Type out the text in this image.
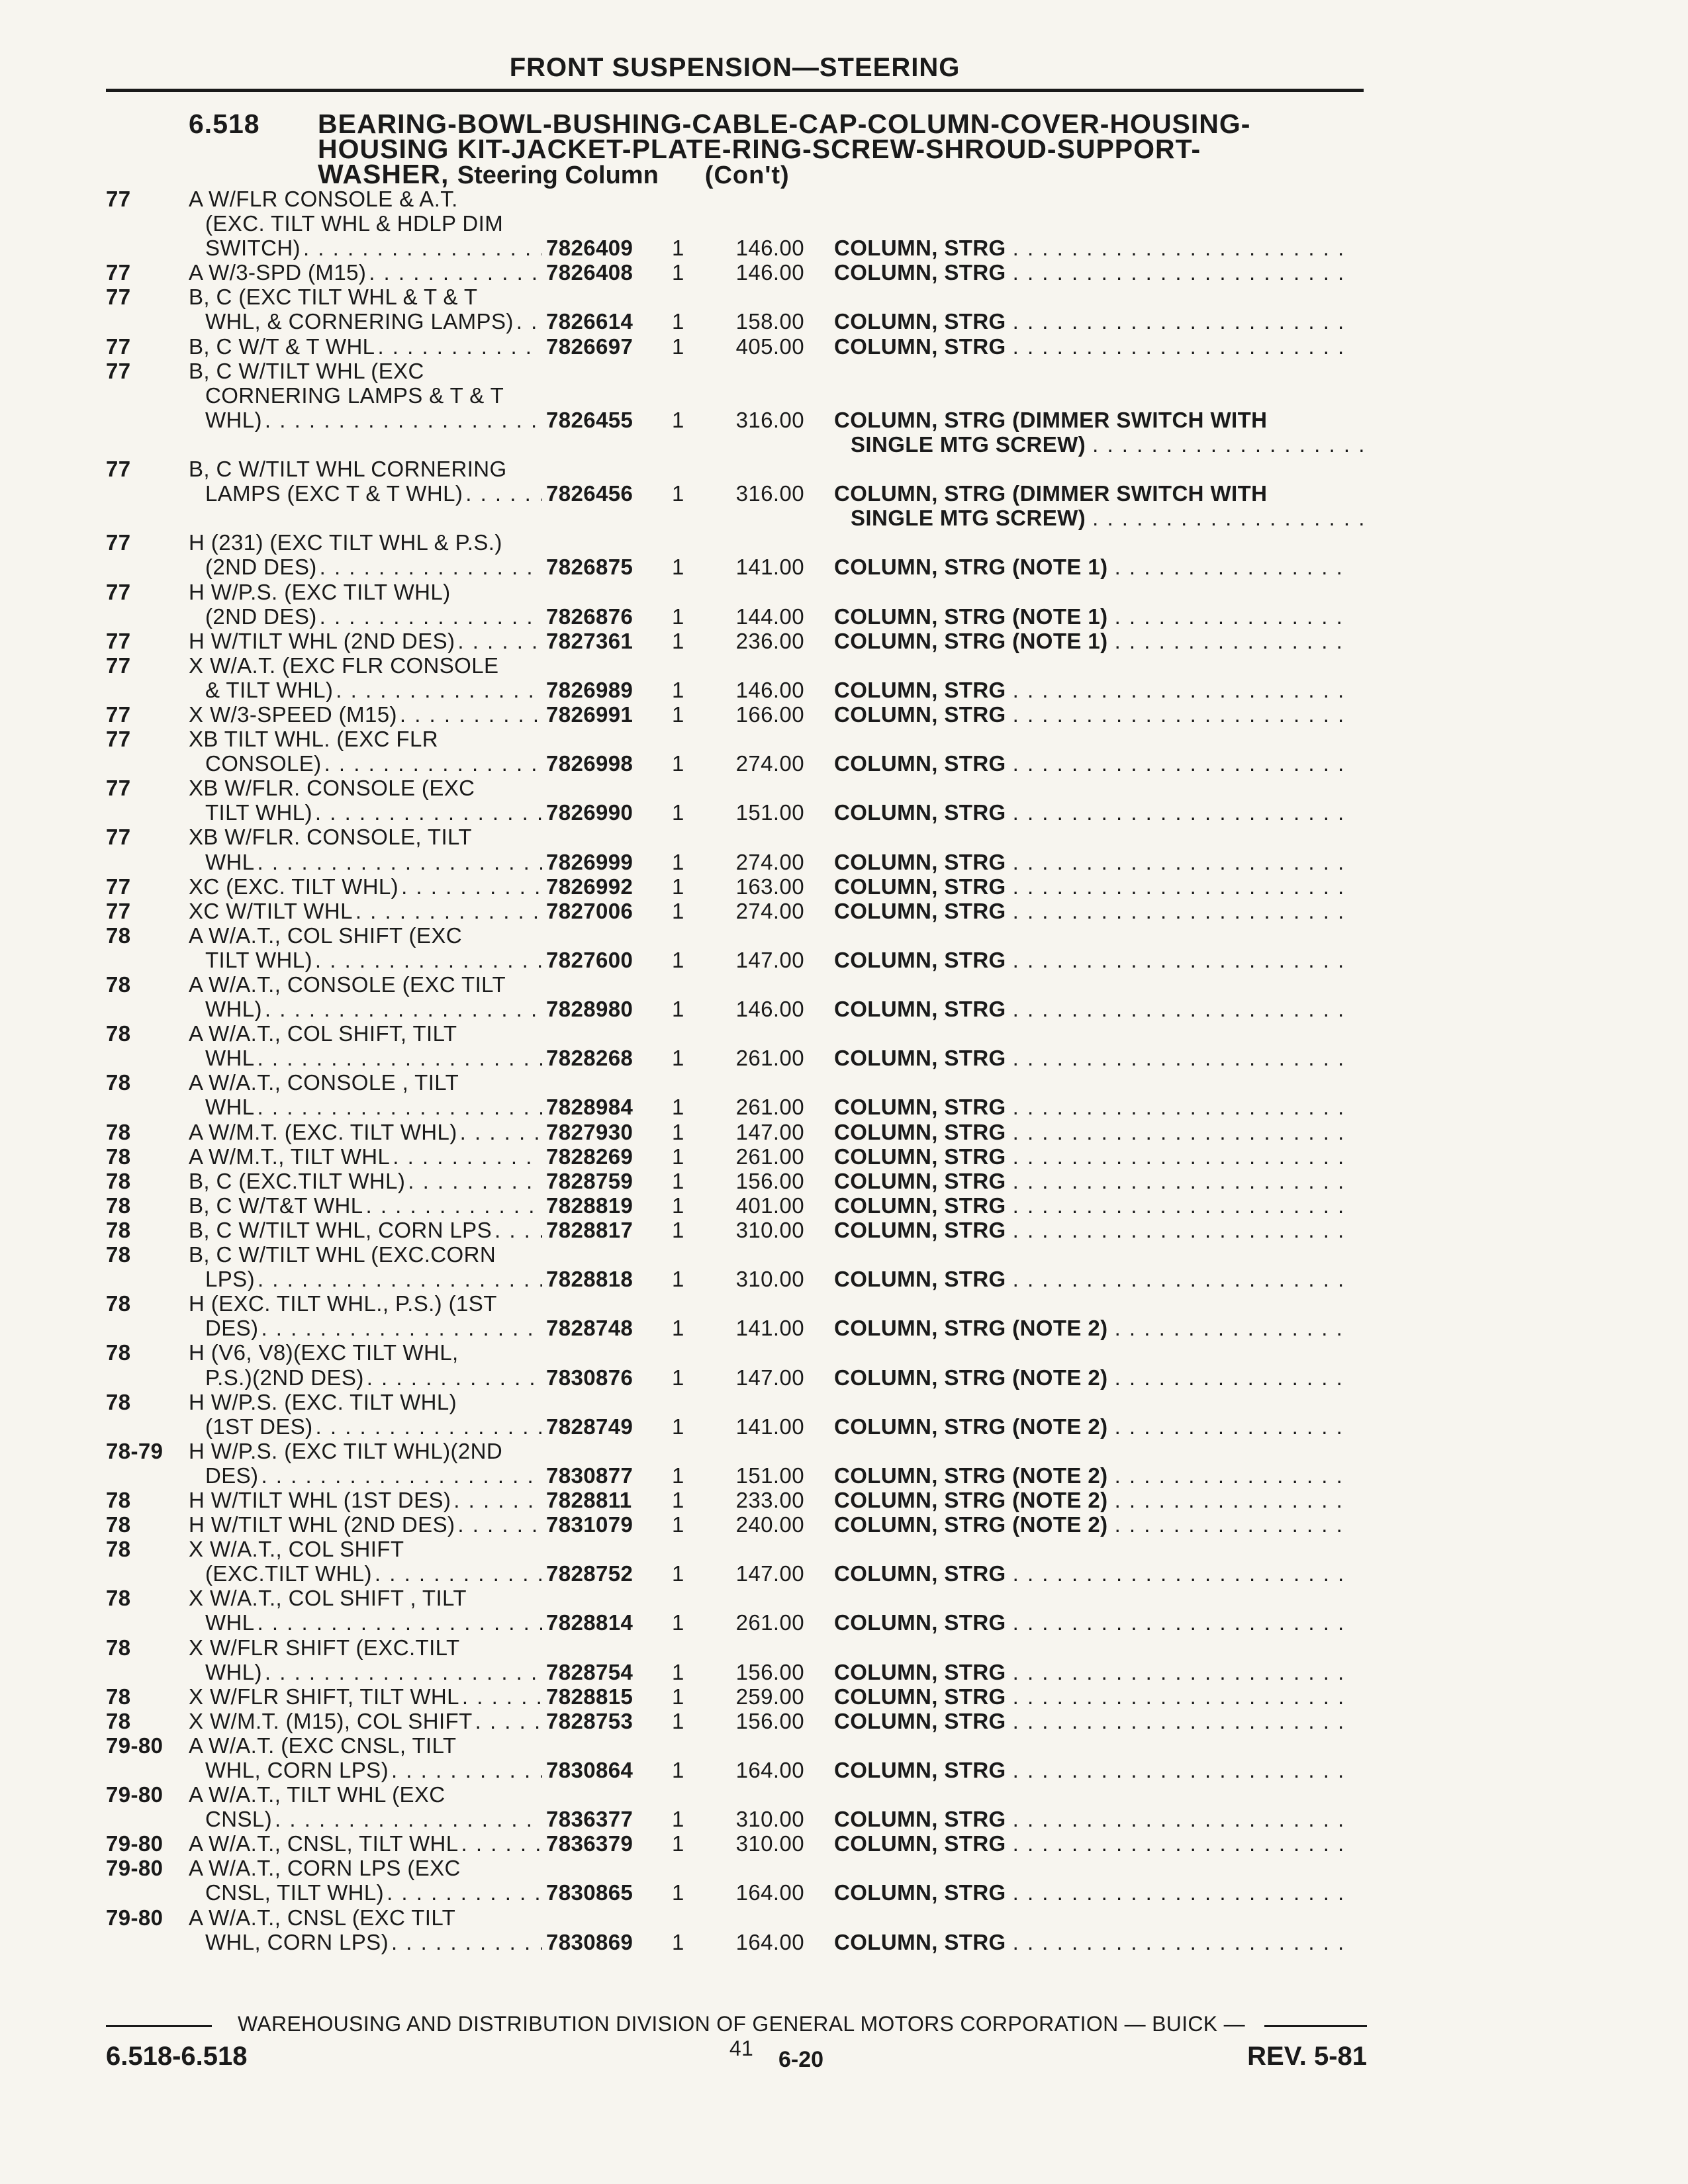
FRONT SUSPENSION—STEERING
6.518 BEARING-BOWL-BUSHING-CABLE-CAP-COLUMN-COVER-HOUSING-
HOUSING KIT-JACKET-PLATE-RING-SCREW-SHROUD-SUPPORT-
WASHER, Steering Column (Con't)
77	A W/FLR CONSOLE & A.T.
(EXC. TILT WHL & HDLP DIM
SWITCH) . . .	7826409	1	146.00 COLUMN, STRG
. . .
77	A W/3-SPD (M15) . . .	7826408	1	146.00 COLUMN, STRG
. . .
77	B, C (EXC TILT WHL & T & T
WHL, & CORNERING LAMPS) . . . 7826614	1	158.00 COLUMN, STRG
. . .
77	B, C W/T & T WHL . . .	7826697	1	405.00 COLUMN, STRG
. . .
77	B, C W/TILT WHL (EXC
CORNERING LAMPS & T & T
WHL) . . .	7826455	1	316.00 COLUMN, STRG (DIMMER SWITCH WITH
SINGLE MTG SCREW)
. . .
77	B, C W/TILT WHL CORNERING
LAMPS (EXC T & T WHL) . . .	7826456	1	316.00 COLUMN, STRG (DIMMER SWITCH WITH
SINGLE MTG SCREW)
. . .
77	H (231) (EXC TILT WHL & P.S.)
(2ND DES) . . .	7826875	1	141.00 COLUMN, STRG (NOTE 1)
. . .
77	H W/P.S. (EXC TILT WHL)
(2ND DES) . . .	7826876	1	144.00 COLUMN, STRG (NOTE 1)
. . .
77	H W/TILT WHL (2ND DES) . . .	7827361	1	236.00 COLUMN, STRG (NOTE 1)
. . .
77	X W/A.T. (EXC FLR CONSOLE
& TILT WHL) . . .	7826989	1	146.00 COLUMN, STRG
. . .
77	X W/3-SPEED (M15) . . .	7826991	1	166.00 COLUMN, STRG
. . .
77	XB TILT WHL. (EXC FLR
CONSOLE) . . .	7826998	1	274.00 COLUMN, STRG
. . .
77	XB W/FLR. CONSOLE (EXC
TILT WHL) . . .	7826990	1	151.00 COLUMN, STRG
. . .
77	XB W/FLR. CONSOLE, TILT
WHL . . .	7826999	1	274.00 COLUMN, STRG
. . .
77	XC (EXC. TILT WHL) . . .	7826992	1	163.00 COLUMN, STRG
. . .
77	XC W/TILT WHL . . .	7827006	1	274.00 COLUMN, STRG
. . .
78	A W/A.T., COL SHIFT (EXC
TILT WHL) . . .	7827600	1	147.00 COLUMN, STRG
. . .
78	A W/A.T., CONSOLE (EXC TILT
WHL) . . .	7828980	1	146.00 COLUMN, STRG
. . .
78	A W/A.T., COL SHIFT, TILT
WHL . . .	7828268	1	261.00 COLUMN, STRG
. . .
78	A W/A.T., CONSOLE , TILT
WHL . . .	7828984	1	261.00 COLUMN, STRG
. . .
78	A W/M.T. (EXC. TILT WHL) . . .	7827930	1	147.00 COLUMN, STRG
. . .
78	A W/M.T., TILT WHL . . .	7828269	1	261.00 COLUMN, STRG
. . .
78	B, C (EXC.TILT WHL) . . .	7828759	1	156.00 COLUMN, STRG
. . .
78	B, C W/T&T WHL . . .	7828819	1	401.00 COLUMN, STRG
. . .
78	B, C W/TILT WHL, CORN LPS . . . 7828817	1	310.00 COLUMN, STRG
. . .
78	B, C W/TILT WHL (EXC.CORN
LPS) . . .	7828818	1	310.00 COLUMN, STRG
. . .
78	H (EXC. TILT WHL., P.S.) (1ST
DES) . . .	7828748	1	141.00 COLUMN, STRG (NOTE 2)
. . .
78	H (V6, V8)(EXC TILT WHL,
P.S.)(2ND DES) . . .	7830876	1	147.00 COLUMN, STRG (NOTE 2)
. . .
78	H W/P.S. (EXC. TILT WHL)
(1ST DES) . . .	7828749	1	141.00 COLUMN, STRG (NOTE 2)
. . .
78-79	H W/P.S. (EXC TILT WHL)(2ND
DES) . . .	7830877	1	151.00 COLUMN, STRG (NOTE 2)
. . .
78	H W/TILT WHL (1ST DES) . . .	7828811	1	233.00 COLUMN, STRG (NOTE 2)
. . .
78	H W/TILT WHL (2ND DES) . . .	7831079	1	240.00 COLUMN, STRG (NOTE 2)
. . .
78	X W/A.T., COL SHIFT
(EXC.TILT WHL) . . .	7828752	1	147.00 COLUMN, STRG
. . .
78	X W/A.T., COL SHIFT , TILT
WHL . . .	7828814	1	261.00 COLUMN, STRG
. . .
78	X W/FLR SHIFT (EXC.TILT
WHL) . . .	7828754	1	156.00 COLUMN, STRG
. . .
78	X W/FLR SHIFT, TILT WHL . . .	7828815	1	259.00 COLUMN, STRG
. . .
78	X W/M.T. (M15), COL SHIFT . . .	7828753	1	156.00 COLUMN, STRG
. . .
79-80	A W/A.T. (EXC CNSL, TILT
WHL, CORN LPS) . . .	7830864	1	164.00 COLUMN, STRG
. . .
79-80	A W/A.T., TILT WHL (EXC
CNSL) . . .	7836377	1	310.00 COLUMN, STRG
. . .
79-80	A W/A.T., CNSL, TILT WHL . . .	7836379	1	310.00 COLUMN, STRG
. . .
79-80	A W/A.T., CORN LPS (EXC
CNSL, TILT WHL) . . .	7830865	1	164.00 COLUMN, STRG
. . .
79-80	A W/A.T., CNSL (EXC TILT
WHL, CORN LPS) . . .	7830869	1	164.00 COLUMN, STRG
. . .
WAREHOUSING AND DISTRIBUTION DIVISION OF GENERAL MOTORS CORPORATION — BUICK — 41
6.518-6.518	6-20	REV. 5-81
